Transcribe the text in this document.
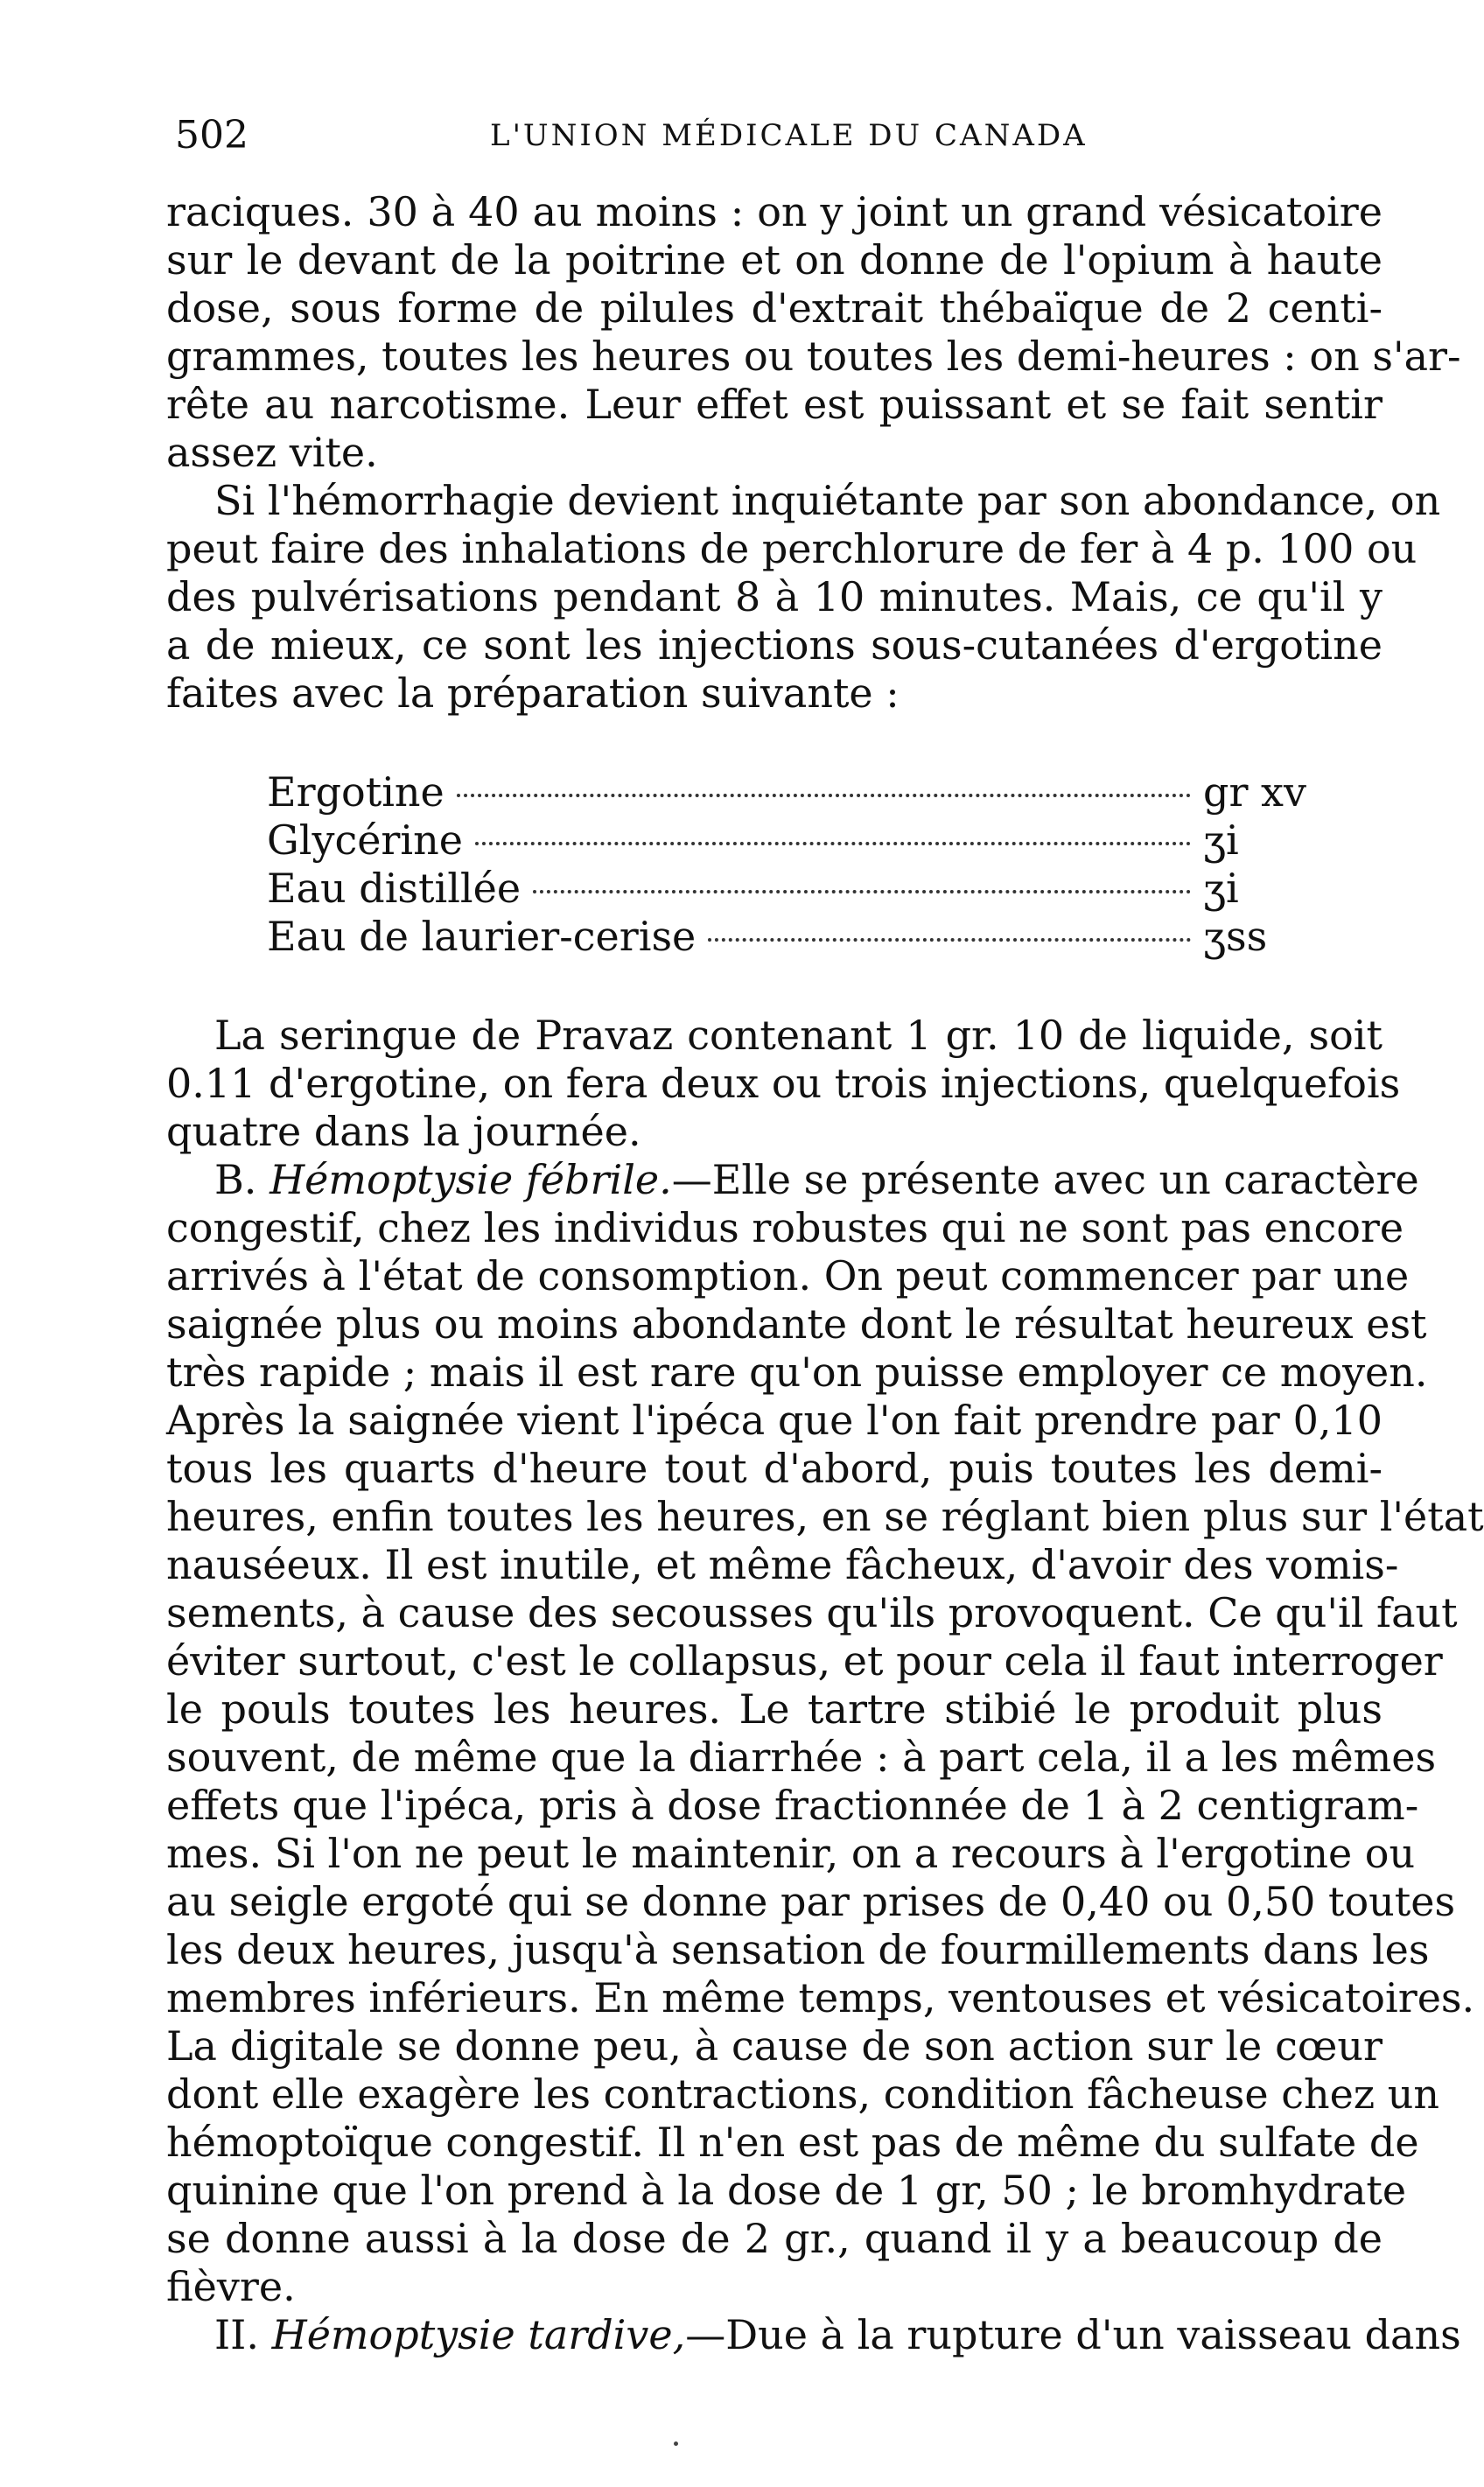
502	L'UNION MÉDICALE DU CANADA
raciques. 30 à 40 au moins : on y joint un grand vésicatoire
sur le devant de la poitrine et on donne de l'opium à haute
dose, sous forme de pilules d'extrait thébaïque de 2 centi-
grammes, toutes les heures ou toutes les demi-heures : on s'ar-
rête au narcotisme. Leur effet est puissant et se fait sentir
assez vite.
Si l'hémorrhagie devient inquiétante par son abondance, on
peut faire des inhalations de perchlorure de fer à 4 p. 100 ou
des pulvérisations pendant 8 à 10 minutes. Mais, ce qu'il y
a de mieux, ce sont les injections sous-cutanées d'ergotine
faites avec la préparation suivante :
Ergotine	gr xv
Glycérine	ʒi
Eau distillée	ʒi
Eau de laurier-cerise	ʒss
La seringue de Pravaz contenant 1 gr. 10 de liquide, soit
0.11 d'ergotine, on fera deux ou trois injections, quelquefois
quatre dans la journée.
B. Hémoptysie fébrile.—Elle se présente avec un caractère
congestif, chez les individus robustes qui ne sont pas encore
arrivés à l'état de consomption. On peut commencer par une
saignée plus ou moins abondante dont le résultat heureux est
très rapide ; mais il est rare qu'on puisse employer ce moyen.
Après la saignée vient l'ipéca que l'on fait prendre par 0,10
tous les quarts d'heure tout d'abord, puis toutes les demi-
heures, enfin toutes les heures, en se réglant bien plus sur l'état
nauséeux. Il est inutile, et même fâcheux, d'avoir des vomis-
sements, à cause des secousses qu'ils provoquent. Ce qu'il faut
éviter surtout, c'est le collapsus, et pour cela il faut interroger
le pouls toutes les heures. Le tartre stibié le produit plus
souvent, de même que la diarrhée : à part cela, il a les mêmes
effets que l'ipéca, pris à dose fractionnée de 1 à 2 centigram-
mes. Si l'on ne peut le maintenir, on a recours à l'ergotine ou
au seigle ergoté qui se donne par prises de 0,40 ou 0,50 toutes
les deux heures, jusqu'à sensation de fourmillements dans les
membres inférieurs. En même temps, ventouses et vésicatoires.
La digitale se donne peu, à cause de son action sur le cœur
dont elle exagère les contractions, condition fâcheuse chez un
hémoptoïque congestif. Il n'en est pas de même du sulfate de
quinine que l'on prend à la dose de 1 gr, 50 ; le bromhydrate
se donne aussi à la dose de 2 gr., quand il y a beaucoup de
fièvre.
II. Hémoptysie tardive,—Due à la rupture d'un vaisseau dans
